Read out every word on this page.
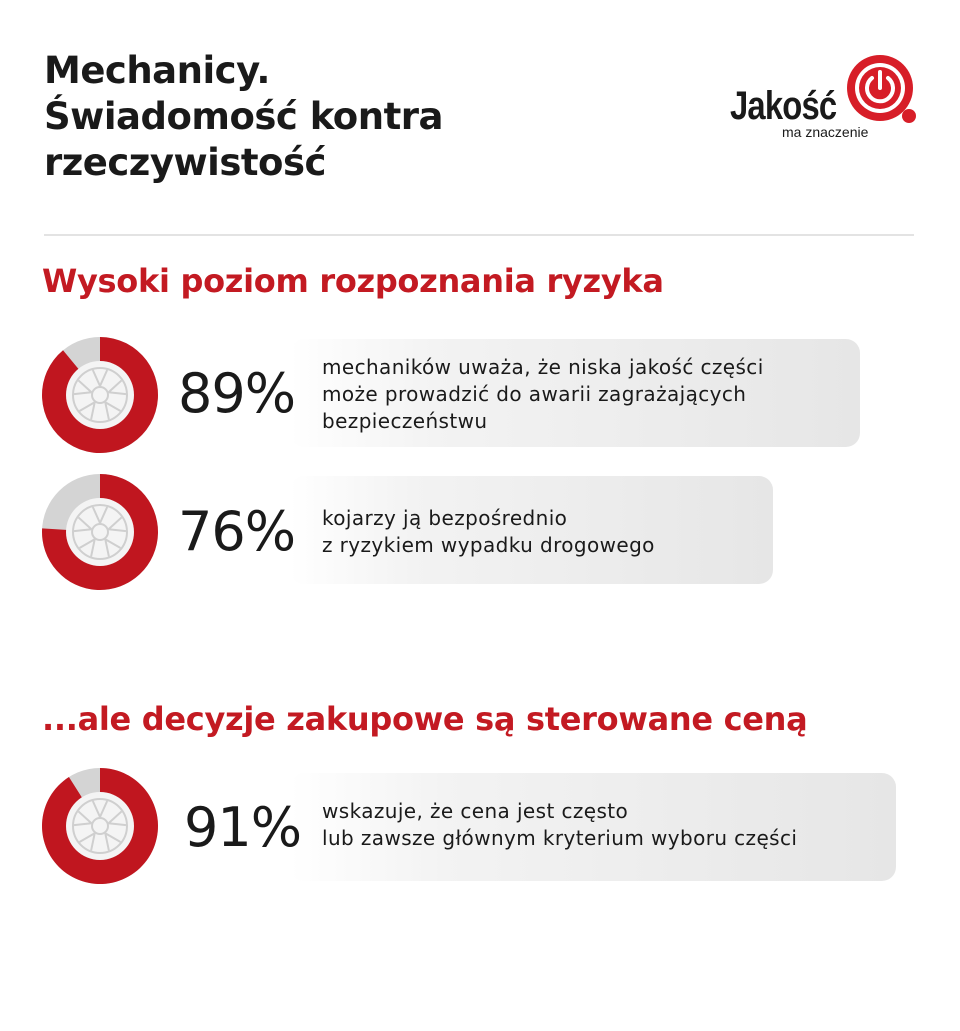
Mechanicy.
Świadomość kontra
rzeczywistość
Jakość
ma znaczenie
Wysoki poziom rozpoznania ryzyka
89% mechaników uważa, że niska jakość części
może prowadzić do awarii zagrażających
bezpieczeństwu
76% kojarzy ją bezpośrednio
z ryzykiem wypadku drogowego
...ale decyzje zakupowe są sterowane ceną
91% wskazuje, że cena jest często
lub zawsze głównym kryterium wyboru części
